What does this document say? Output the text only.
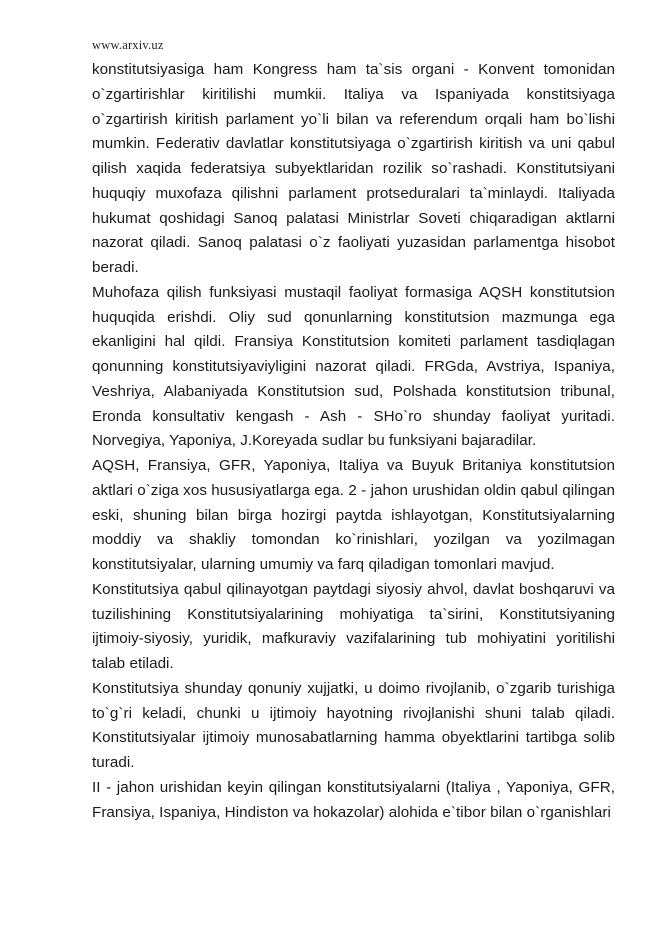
www.arxiv.uz

konstitutsiyasiga ham Kongress ham ta`sis organi - Konvent tomonidan o`zgartirishlar kiritilishi mumkii. Italiya va Ispaniyada konstitsiyaga o`zgartirish kiritish parlament yo`li bilan va referendum orqali ham bo`lishi mumkin. Federativ davlatlar konstitutsiyaga o`zgartirish kiritish va uni qabul qilish xaqida federatsiya subyektlaridan rozilik so`rashadi. Konstitutsiyani huquqiy muxofaza qilishni parlament protseduralari ta`minlaydi. Italiyada hukumat qoshidagi Sanoq palatasi Ministrlar Soveti chiqaradigan aktlarni nazorat qiladi. Sanoq palatasi o`z faoliyati yuzasidan parlamentga hisobot beradi.

Muhofaza qilish funksiyasi mustaqil faoliyat formasiga AQSH konstitutsion huquqida erishdi. Oliy sud qonunlarning konstitutsion mazmunga ega ekanligini hal qildi. Fransiya Konstitutsion komiteti parlament tasdiqlagan qonunning konstitutsiyaviyligini nazorat qiladi. FRGda, Avstriya, Ispaniya, Veshriya, Alabaniyada Konstitutsion sud, Polshada konstitutsion tribunal, Eronda konsultativ kengash - Ash - SHo`ro shunday faoliyat yuritadi. Norvegiya, Yaponiya, J.Koreyada sudlar bu funksiyani bajaradilar.

AQSH, Fransiya, GFR, Yaponiya, Italiya va Buyuk Britaniya konstitutsion aktlari o`ziga xos hususiyatlarga ega. 2 - jahon urushidan oldin qabul qilingan eski, shuning bilan birga hozirgi paytda ishlayotgan, Konstitutsiyalarning moddiy va shakliy tomondan ko`rinishlari, yozilgan va yozilmagan konstitutsiyalar, ularning umumiy va farq qiladigan tomonlari mavjud.

Konstitutsiya qabul qilinayotgan paytdagi siyosiy ahvol, davlat boshqaruvi va tuzilishining Konstitutsiyalarining mohiyatiga ta`sirini, Konstitutsiyaning ijtimoiy-siyosiy, yuridik, mafkuraviy vazifalarining tub mohiyatini yoritilishi talab etiladi.

Konstitutsiya shunday qonuniy xujjatki, u doimo rivojlanib, o`zgarib turishiga to`g`ri keladi, chunki u ijtimoiy hayotning rivojlanishi shuni talab qiladi. Konstitutsiyalar ijtimoiy munosabatlarning hamma obyektlarini tartibga solib turadi.

II - jahon urishidan keyin qilingan konstitutsiyalarni (Italiya , Yaponiya, GFR, Fransiya, Ispaniya, Hindiston va hokazolar) alohida e`tibor bilan o`rganishlari
